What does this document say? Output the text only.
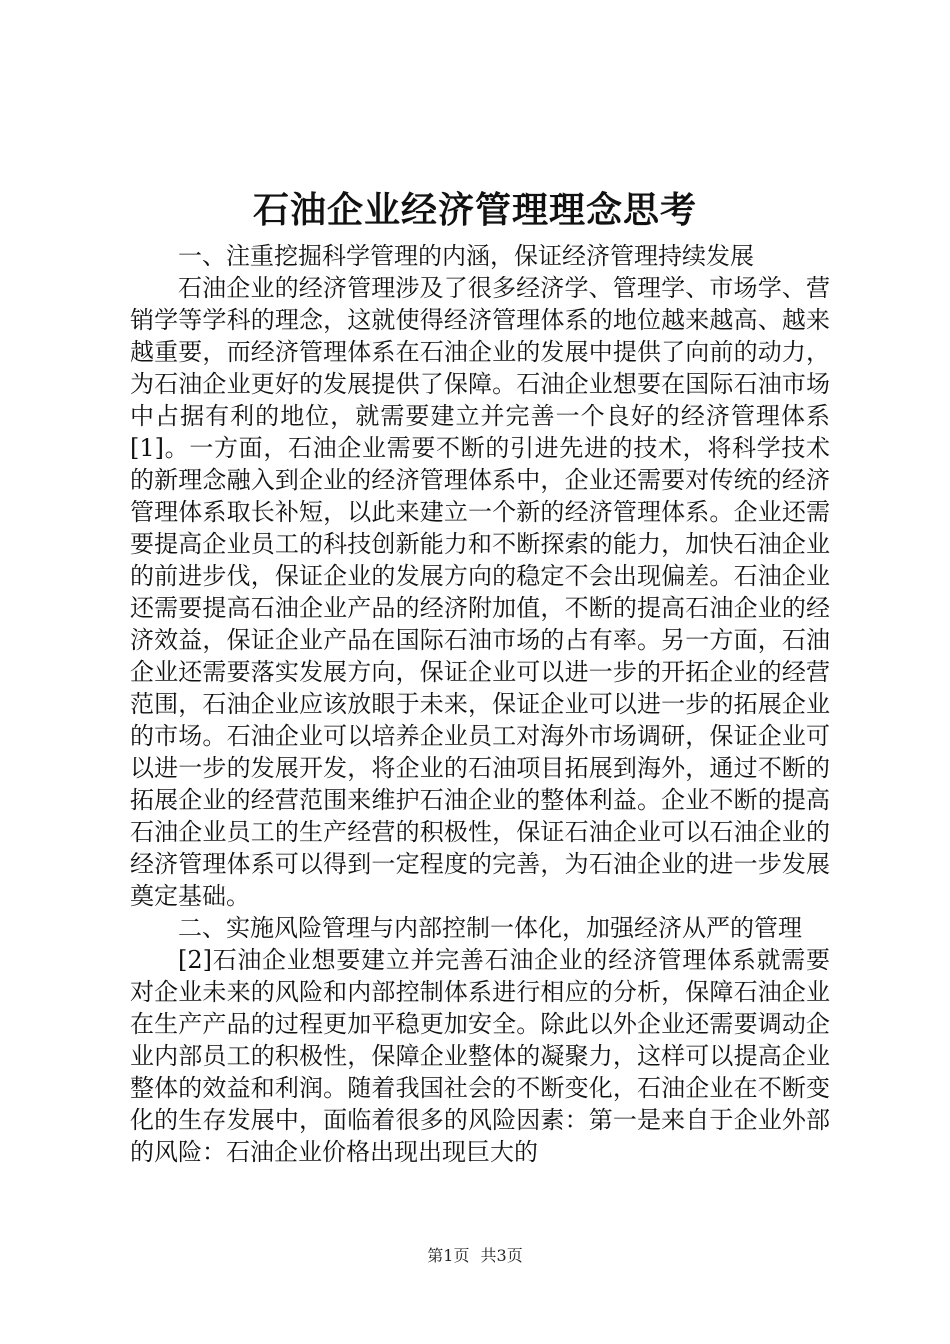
石油企业经济管理理念思考

一、注重挖掘科学管理的内涵，保证经济管理持续发展

石油企业的经济管理涉及了很多经济学、管理学、市场学、营销学等学科的理念，这就使得经济管理体系的地位越来越高、越来越重要，而经济管理体系在石油企业的发展中提供了向前的动力，为石油企业更好的发展提供了保障。石油企业想要在国际石油市场中占据有利的地位，就需要建立并完善一个良好的经济管理体系[1]。一方面，石油企业需要不断的引进先进的技术，将科学技术的新理念融入到企业的经济管理体系中，企业还需要对传统的经济管理体系取长补短，以此来建立一个新的经济管理体系。企业还需要提高企业员工的科技创新能力和不断探索的能力，加快石油企业的前进步伐，保证企业的发展方向的稳定不会出现偏差。石油企业还需要提高石油企业产品的经济附加值，不断的提高石油企业的经济效益，保证企业产品在国际石油市场的占有率。另一方面，石油企业还需要落实发展方向，保证企业可以进一步的开拓企业的经营范围，石油企业应该放眼于未来，保证企业可以进一步的拓展企业的市场。石油企业可以培养企业员工对海外市场调研，保证企业可以进一步的发展开发，将企业的石油项目拓展到海外，通过不断的拓展企业的经营范围来维护石油企业的整体利益。企业不断的提高石油企业员工的生产经营的积极性，保证石油企业可以石油企业的经济管理体系可以得到一定程度的完善，为石油企业的进一步发展奠定基础。

二、实施风险管理与内部控制一体化，加强经济从严的管理

[2]石油企业想要建立并完善石油企业的经济管理体系就需要对企业未来的风险和内部控制体系进行相应的分析，保障石油企业在生产产品的过程更加平稳更加安全。除此以外企业还需要调动企业内部员工的积极性，保障企业整体的凝聚力，这样可以提高企业整体的效益和利润。随着我国社会的不断变化，石油企业在不断变化的生存发展中，面临着很多的风险因素：第一是来自于企业外部的风险：石油企业价格出现出现巨大的

第1页 共3页
